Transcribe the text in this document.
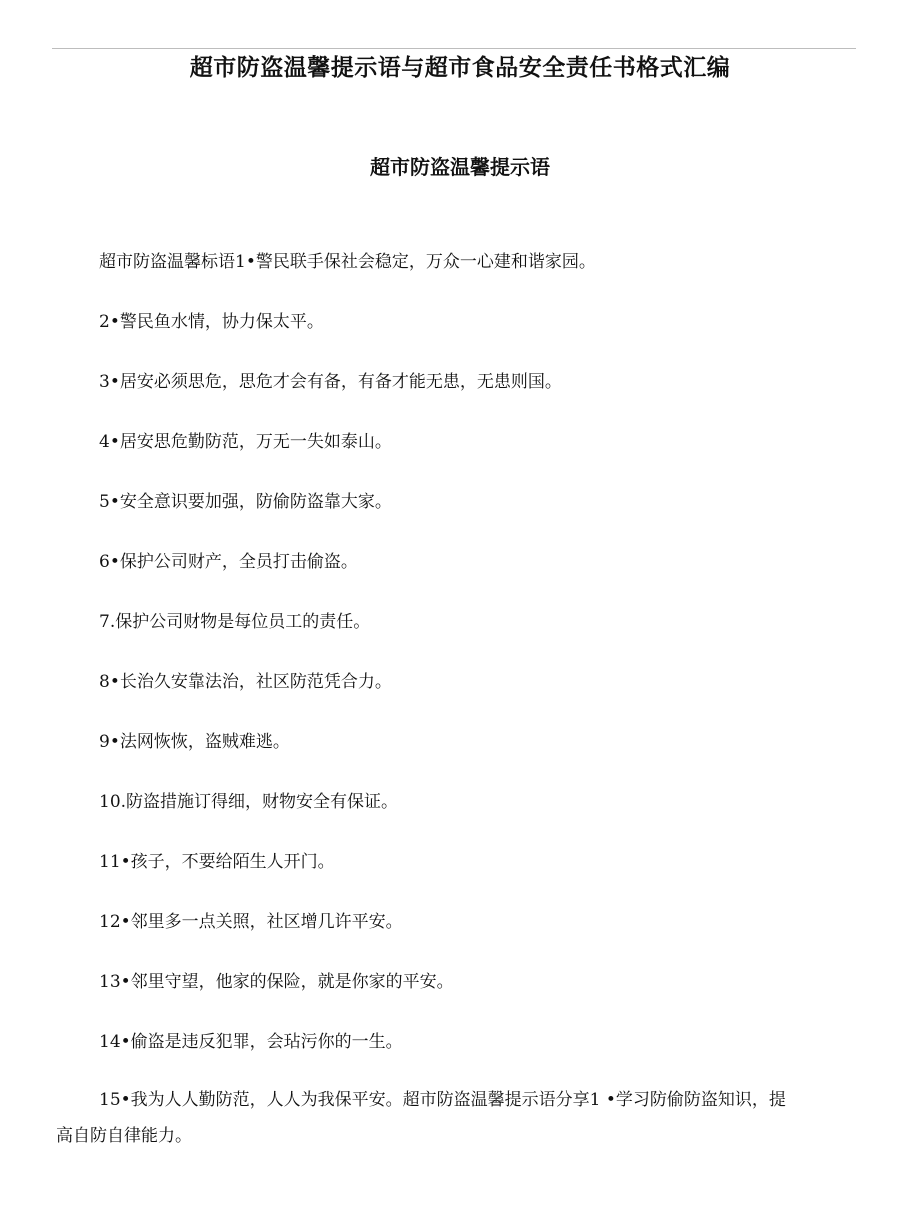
超市防盗温馨提示语与超市食品安全责任书格式汇编
超市防盗温馨提示语
超市防盗温馨标语1•警民联手保社会稳定，万众一心建和谐家园。
2•警民鱼水情，协力保太平。
3•居安必须思危，思危才会有备，有备才能无患，无患则国。
4•居安思危勤防范，万无一失如泰山。
5•安全意识要加强，防偷防盗靠大家。
6•保护公司财产，全员打击偷盗。
7.保护公司财物是每位员工的责任。
8•长治久安靠法治，社区防范凭合力。
9•法网恢恢，盗贼难逃。
10.防盗措施订得细，财物安全有保证。
11•孩子，不要给陌生人开门。
12•邻里多一点关照，社区增几许平安。
13•邻里守望，他家的保险，就是你家的平安。
14•偷盗是违反犯罪，会玷污你的一生。

15•我为人人勤防范，人人为我保平安。超市防盗温馨提示语分享1 •学习防偷防盗知识，提高自防自律能力。
